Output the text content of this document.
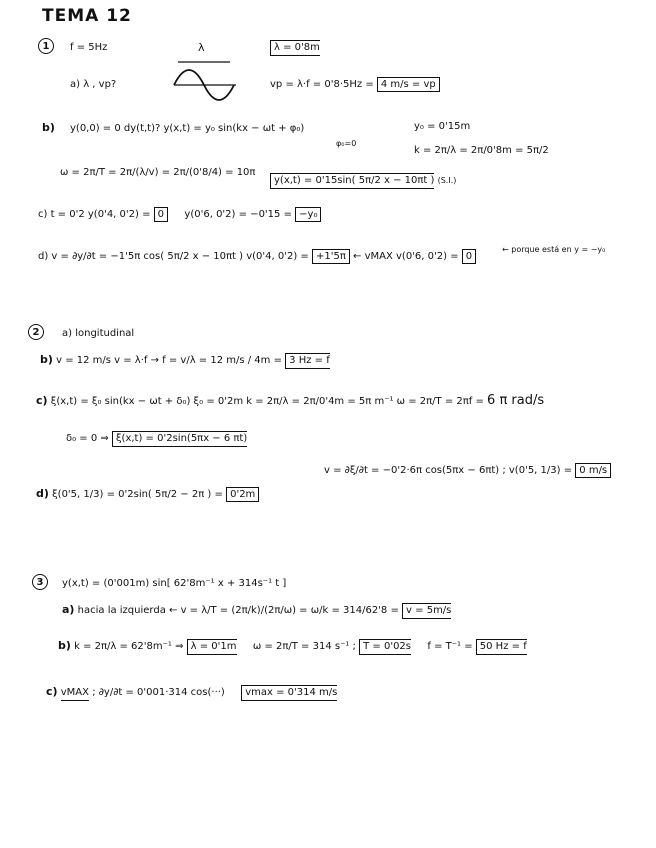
TEMA 12
1	f = 5Hz	λ	λ = 0'8m
a) λ , vp?	vp = λ·f = 0'8·5Hz = 4 m/s = vp
b) y(0,0) = 0 dy(t,t)? y(x,t) = y₀ sin(kx − ωt + φ₀)
φ₀=0
y₀ = 0'15m
k = 2π/λ = 2π/0'8m = 5π/2
ω = 2π/T = 2π/(λ/v) = 2π/(0'8/4) = 10π
y(x,t) = 0'15sin( 5π/2 x − 10πt ) (S.I.)
c) t = 0'2 y(0'4, 0'2) = 0 y(0'6, 0'2) = −0'15 = −y₀
d) v = ∂y/∂t = −1'5π cos( 5π/2 x − 10πt ) v(0'4, 0'2) = +1'5π ← vMAX v(0'6, 0'2) = 0
← porque está en y = −y₀
2	a) longitudinal
b) v = 12 m/s v = λ·f → f = v/λ = 12 m/s / 4m = 3 Hz = f
c) ξ(x,t) = ξ₀ sin(kx − ωt + δ₀) ξ₀ = 0'2m k = 2π/λ = 2π/0'4m = 5π m⁻¹ ω = 2π/T = 2πf = 6 π rad/s
δ₀ = 0 ⇒ ξ(x,t) = 0'2sin(5πx − 6 πt)
d) ξ(0'5, 1/3) = 0'2sin( 5π/2 − 2π ) = 0'2m
v = ∂ξ/∂t = −0'2·6π cos(5πx − 6πt) ; v(0'5, 1/3) = 0 m/s
3	y(x,t) = (0'001m) sin[ 62'8m⁻¹ x + 314s⁻¹ t ]
a) hacia la izquierda ← v = λ/T = (2π/k)/(2π/ω) = ω/k = 314/62'8 = v = 5m/s
b) k = 2π/λ = 62'8m⁻¹ ⇒ λ = 0'1m ω = 2π/T = 314 s⁻¹ ; T = 0'02s f = T⁻¹ = 50 Hz = f
c) vMAX ; ∂y/∂t = 0'001·314 cos(···) vmax = 0'314 m/s
